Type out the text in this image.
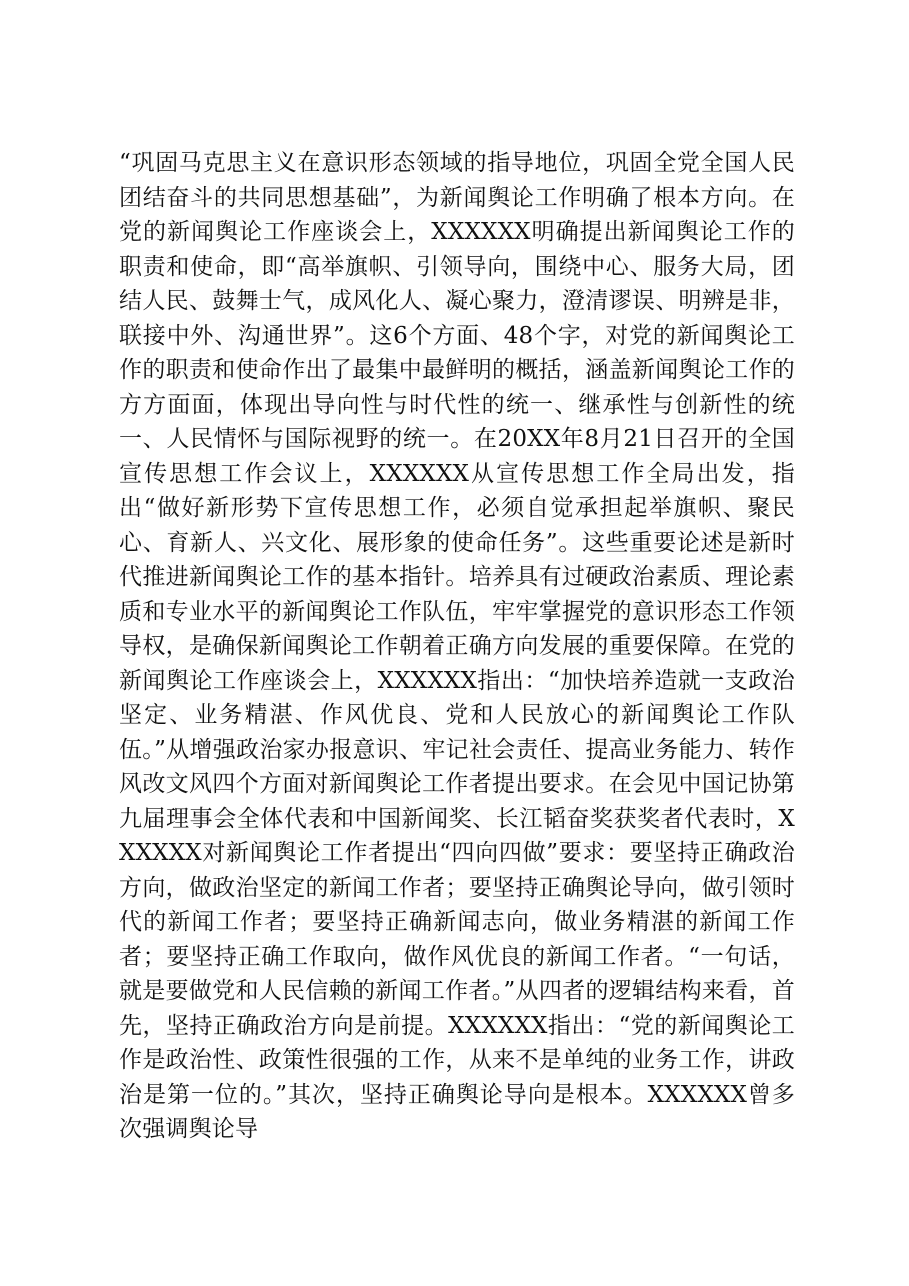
“巩固马克思主义在意识形态领域的指导地位，巩固全党全国人民团结奋斗的共同思想基础”，为新闻舆论工作明确了根本方向。在党的新闻舆论工作座谈会上，XXXXXX明确提出新闻舆论工作的职责和使命，即“高举旗帜、引领导向，围绕中心、服务大局，团结人民、鼓舞士气，成风化人、凝心聚力，澄清谬误、明辨是非，联接中外、沟通世界”。这6个方面、48个字，对党的新闻舆论工作的职责和使命作出了最集中最鲜明的概括，涵盖新闻舆论工作的方方面面，体现出导向性与时代性的统一、继承性与创新性的统一、人民情怀与国际视野的统一。在20XX年8月21日召开的全国宣传思想工作会议上，XXXXXX从宣传思想工作全局出发，指出“做好新形势下宣传思想工作，必须自觉承担起举旗帜、聚民心、育新人、兴文化、展形象的使命任务”。这些重要论述是新时代推进新闻舆论工作的基本指针。培养具有过硬政治素质、理论素质和专业水平的新闻舆论工作队伍，牢牢掌握党的意识形态工作领导权，是确保新闻舆论工作朝着正确方向发展的重要保障。在党的新闻舆论工作座谈会上，XXXXXX指出：“加快培养造就一支政治坚定、业务精湛、作风优良、党和人民放心的新闻舆论工作队伍。”从增强政治家办报意识、牢记社会责任、提高业务能力、转作风改文风四个方面对新闻舆论工作者提出要求。在会见中国记协第九届理事会全体代表和中国新闻奖、长江韬奋奖获奖者代表时，XXXXXX对新闻舆论工作者提出“四向四做”要求：要坚持正确政治方向，做政治坚定的新闻工作者；要坚持正确舆论导向，做引领时代的新闻工作者；要坚持正确新闻志向，做业务精湛的新闻工作者；要坚持正确工作取向，做作风优良的新闻工作者。“一句话，就是要做党和人民信赖的新闻工作者。”从四者的逻辑结构来看，首先，坚持正确政治方向是前提。XXXXXX指出：“党的新闻舆论工作是政治性、政策性很强的工作，从来不是单纯的业务工作，讲政治是第一位的。”其次，坚持正确舆论导向是根本。XXXXXX曾多次强调舆论导
